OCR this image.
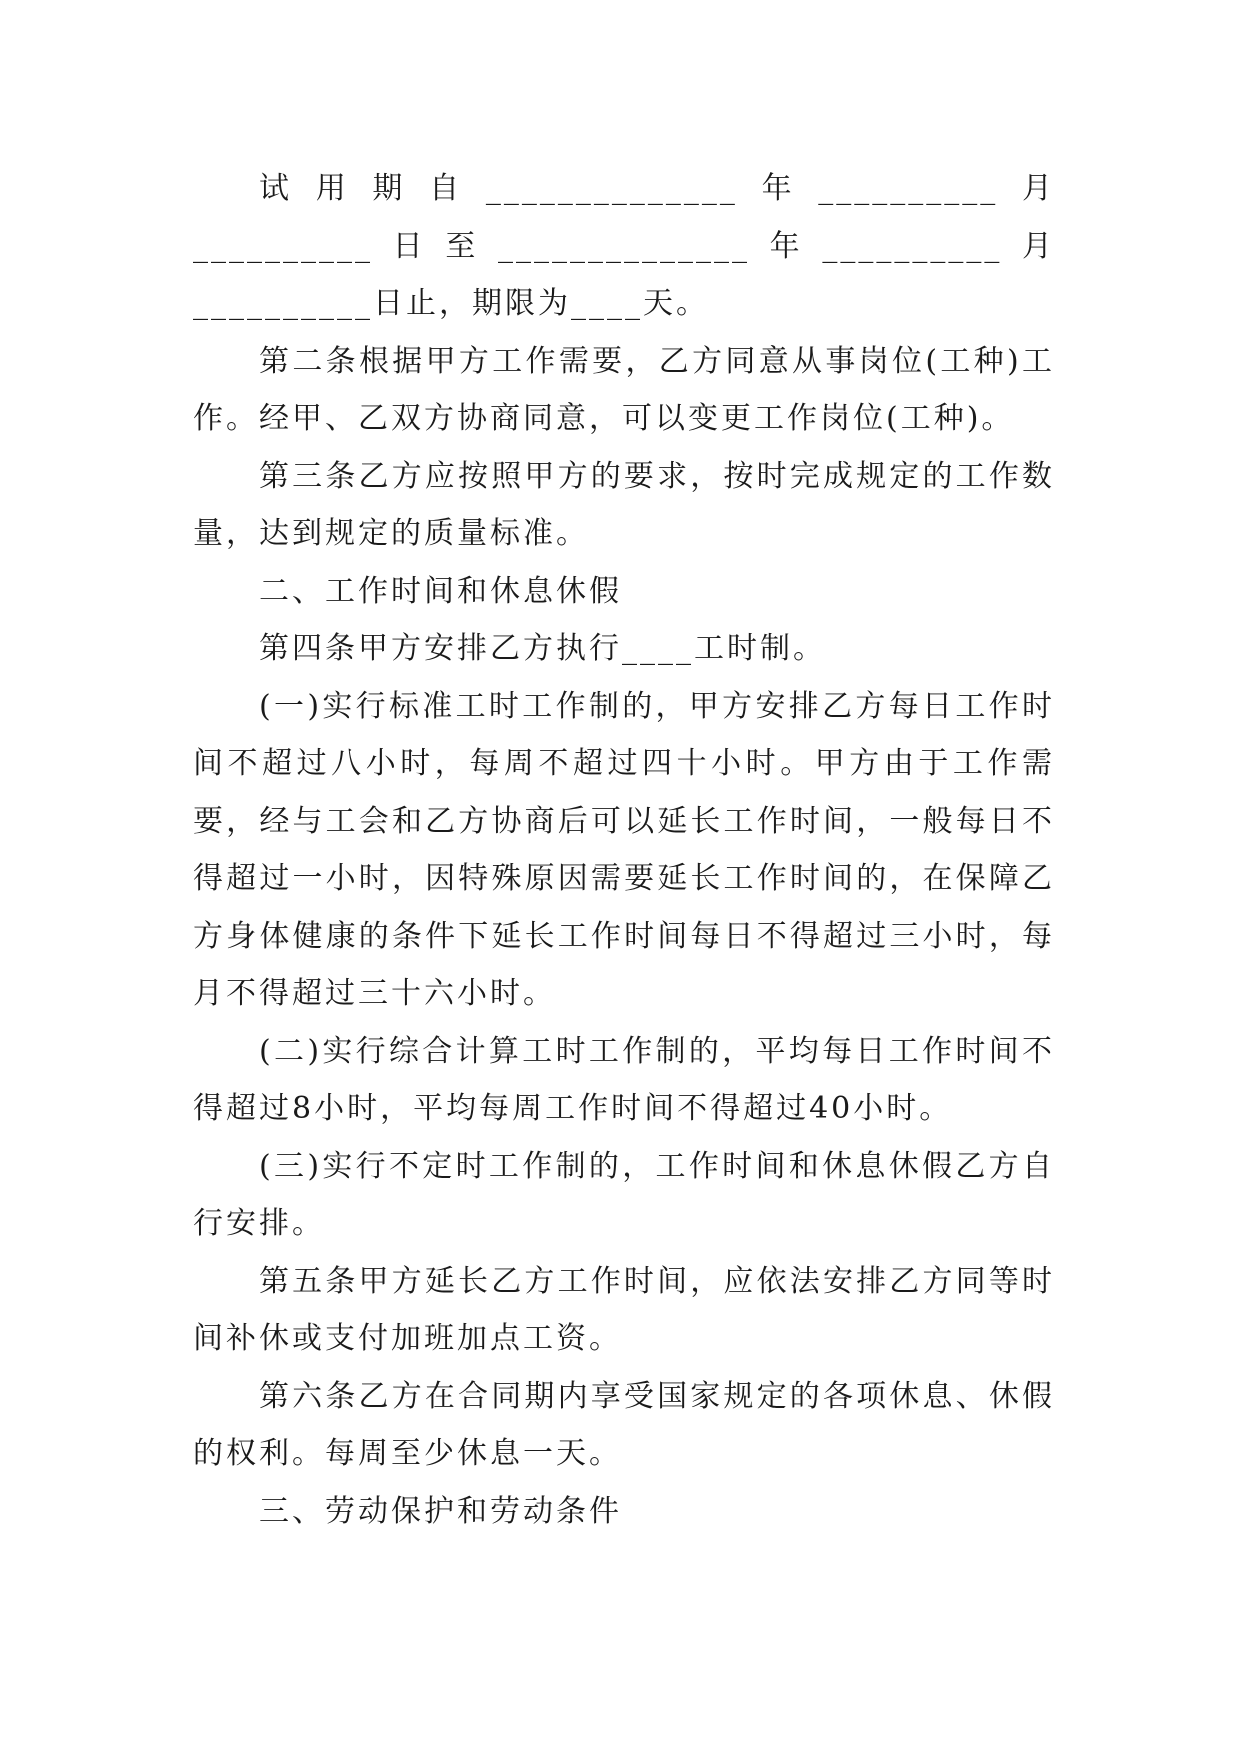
试用期自______________年__________月__________日至______________年__________月__________日止，期限为____天。

第二条根据甲方工作需要，乙方同意从事岗位(工种)工作。经甲、乙双方协商同意，可以变更工作岗位(工种)。

第三条乙方应按照甲方的要求，按时完成规定的工作数量，达到规定的质量标准。

二、工作时间和休息休假

第四条甲方安排乙方执行____工时制。

(一)实行标准工时工作制的，甲方安排乙方每日工作时间不超过八小时，每周不超过四十小时。甲方由于工作需要，经与工会和乙方协商后可以延长工作时间，一般每日不得超过一小时，因特殊原因需要延长工作时间的，在保障乙方身体健康的条件下延长工作时间每日不得超过三小时，每月不得超过三十六小时。

(二)实行综合计算工时工作制的，平均每日工作时间不得超过8小时，平均每周工作时间不得超过40小时。

(三)实行不定时工作制的，工作时间和休息休假乙方自行安排。

第五条甲方延长乙方工作时间，应依法安排乙方同等时间补休或支付加班加点工资。

第六条乙方在合同期内享受国家规定的各项休息、休假的权利。每周至少休息一天。

三、劳动保护和劳动条件
